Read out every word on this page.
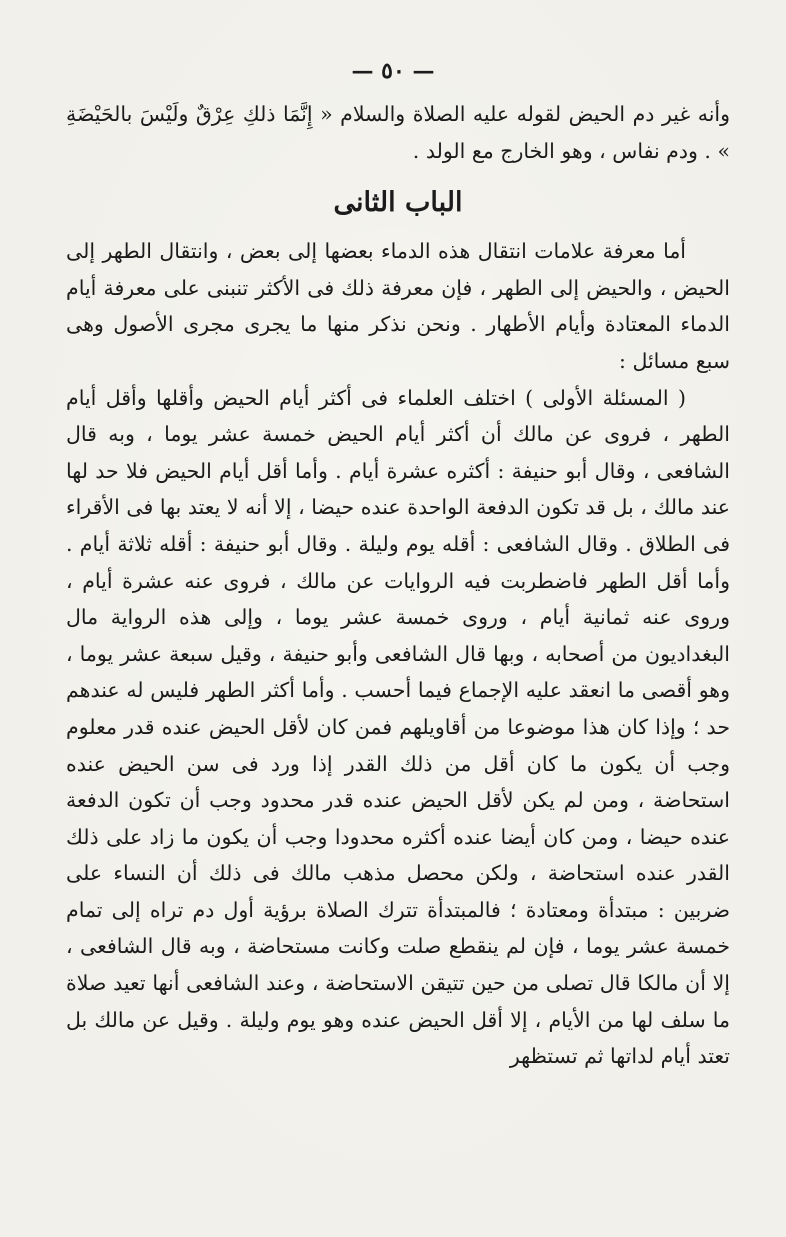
— ٥٠ —

وأنه غير دم الحيض لقوله عليه الصلاة والسلام « إِنَّمَا ذلكِ عِرْقٌ ولَيْسَ بالحَيْضَةِ » . ودم نفاس ، وهو الخارج مع الولد .

الباب الثانى

أما معرفة علامات انتقال هذه الدماء بعضها إلى بعض ، وانتقال الطهر إلى الحيض ، والحيض إلى الطهر ، فإن معرفة ذلك فى الأكثر تنبنى على معرفة أيام الدماء المعتادة وأيام الأطهار . ونحن نذكر منها ما يجرى مجرى الأصول وهى سبع مسائل :

( المسئلة الأولى ) اختلف العلماء فى أكثر أيام الحيض وأقلها وأقل أيام الطهر ، فروى عن مالك أن أكثر أيام الحيض خمسة عشر يوما ، وبه قال الشافعى ، وقال أبو حنيفة : أكثره عشرة أيام . وأما أقل أيام الحيض فلا حد لها عند مالك ، بل قد تكون الدفعة الواحدة عنده حيضا ، إلا أنه لا يعتد بها فى الأقراء فى الطلاق . وقال الشافعى : أقله يوم وليلة . وقال أبو حنيفة : أقله ثلاثة أيام . وأما أقل الطهر فاضطربت فيه الروايات عن مالك ، فروى عنه عشرة أيام ، وروى عنه ثمانية أيام ، وروى خمسة عشر يوما ، وإلى هذه الرواية مال البغداديون من أصحابه ، وبها قال الشافعى وأبو حنيفة ، وقيل سبعة عشر يوما ، وهو أقصى ما انعقد عليه الإجماع فيما أحسب . وأما أكثر الطهر فليس له عندهم حد ؛ وإذا كان هذا موضوعا من أقاويلهم فمن كان لأقل الحيض عنده قدر معلوم وجب أن يكون ما كان أقل من ذلك القدر إذا ورد فى سن الحيض عنده استحاضة ، ومن لم يكن لأقل الحيض عنده قدر محدود وجب أن تكون الدفعة عنده حيضا ، ومن كان أيضا عنده أكثره محدودا وجب أن يكون ما زاد على ذلك القدر عنده استحاضة ، ولكن محصل مذهب مالك فى ذلك أن النساء على ضربين : مبتدأة ومعتادة ؛ فالمبتدأة تترك الصلاة برؤية أول دم تراه إلى تمام خمسة عشر يوما ، فإن لم ينقطع صلت وكانت مستحاضة ، وبه قال الشافعى ، إلا أن مالكا قال تصلى من حين تتيقن الاستحاضة ، وعند الشافعى أنها تعيد صلاة ما سلف لها من الأيام ، إلا أقل الحيض عنده وهو يوم وليلة . وقيل عن مالك بل تعتد أيام لداتها ثم تستظهر
